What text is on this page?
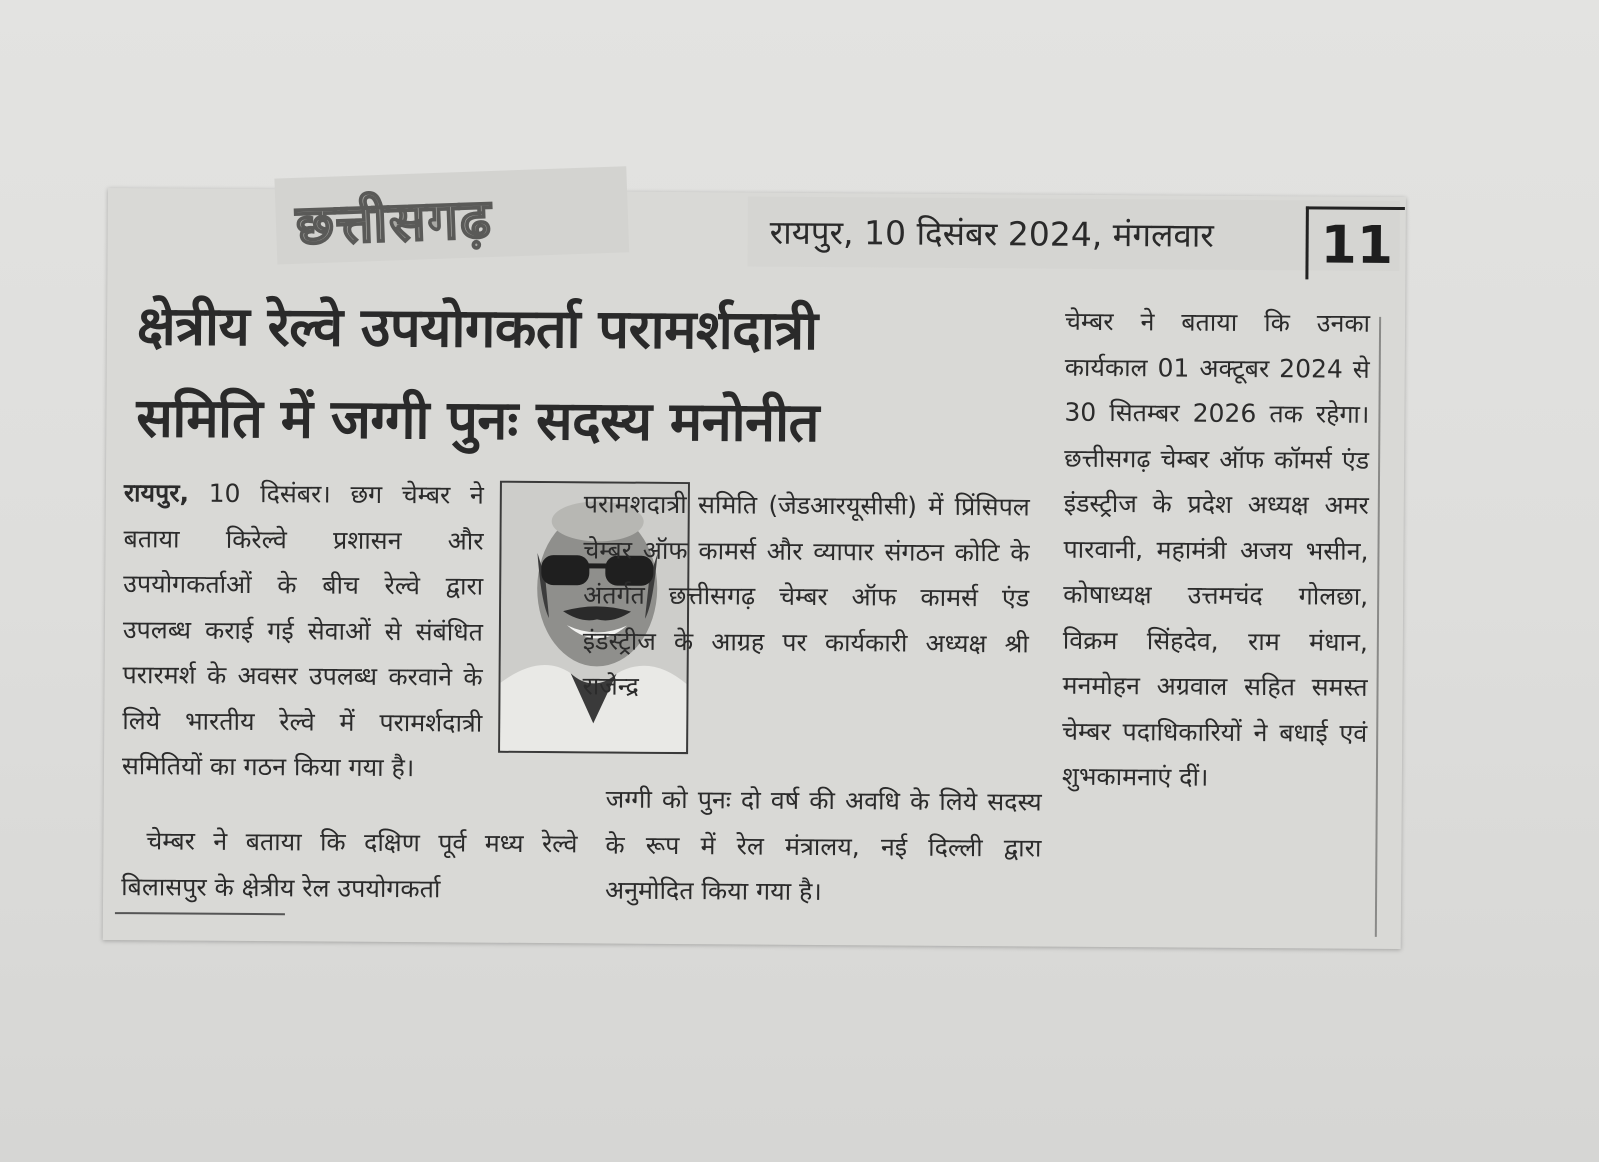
छत्तीसगढ़	रायपुर, 10 दिसंबर 2024, मंगलवार 11
क्षेत्रीय रेल्वे उपयोगकर्ता परामर्शदात्री
समिति में जग्गी पुनः सदस्य मनोनीत

रायपुर, 10 दिसंबर। छग चेम्बर ने बताया किरेल्वे प्रशासन और उपयोगकर्ताओं के बीच रेल्वे द्वारा उपलब्ध कराई गई सेवाओं से संबंधित परारमर्श के अवसर उपलब्ध करवाने के लिये भारतीय रेल्वे में परामर्शदात्री समितियों का गठन किया गया है।

 चेम्बर ने बताया कि दक्षिण पूर्व मध्य रेल्वे बिलासपुर के क्षेत्रीय रेल उपयोगकर्ता

परामशदात्री समिति (जेडआरयूसीसी) में प्रिंसिपल चेम्बर ऑफ कामर्स और व्यापार संगठन कोटि के अंतर्गत छत्तीसगढ़ चेम्बर ऑफ कामर्स एंड इंडस्ट्रीज के आग्रह पर कार्यकारी अध्यक्ष श्री राजेन्द्र

जग्गी को पुनः दो वर्ष की अवधि के लिये सदस्य के रूप में रेल मंत्रालय, नई दिल्ली द्वारा अनुमोदित किया गया है।

चेम्बर ने बताया कि उनका कार्यकाल 01 अक्टूबर 2024 से 30 सितम्बर 2026 तक रहेगा। छत्तीसगढ़ चेम्बर ऑफ कॉमर्स एंड इंडस्ट्रीज के प्रदेश अध्यक्ष अमर पारवानी, महामंत्री अजय भसीन, कोषाध्यक्ष उत्तमचंद गोलछा, विक्रम सिंहदेव, राम मंधान, मनमोहन अग्रवाल सहित समस्त चेम्बर पदाधिकारियों ने बधाई एवं शुभकामनाएं दीं।
